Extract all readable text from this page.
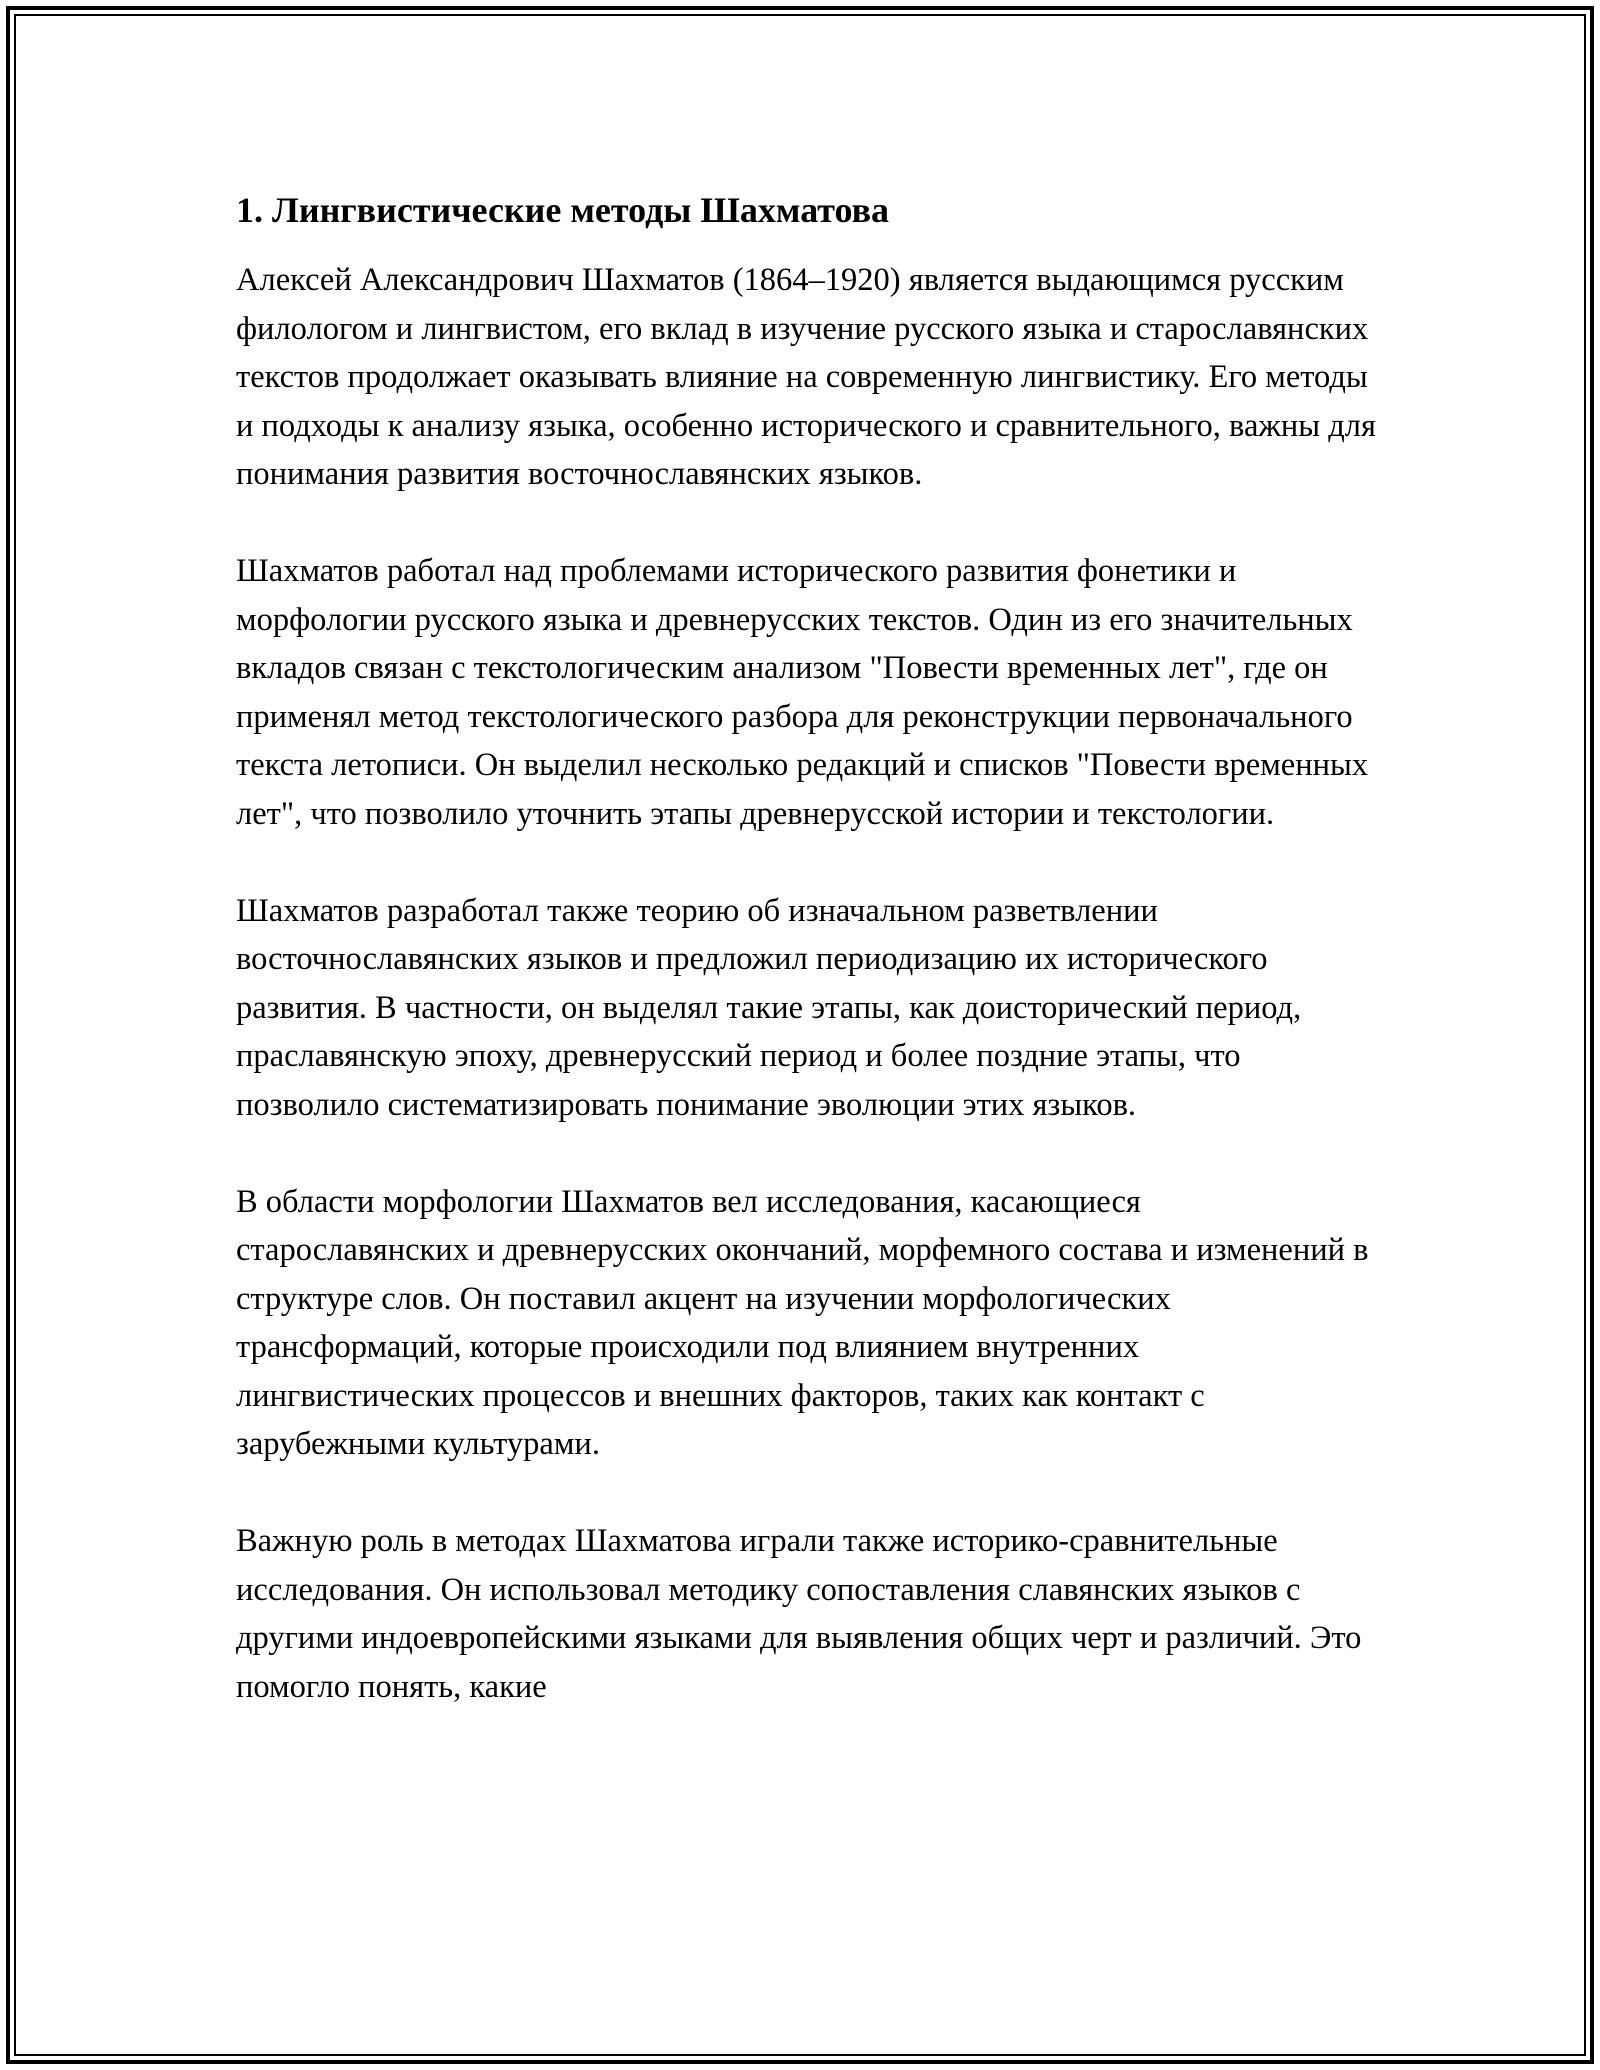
1. Лингвистические методы Шахматова

Алексей Александрович Шахматов (1864–1920) является выдающимся русским филологом и лингвистом, его вклад в изучение русского языка и старославянских текстов продолжает оказывать влияние на современную лингвистику. Его методы и подходы к анализу языка, особенно исторического и сравнительного, важны для понимания развития восточнославянских языков.

Шахматов работал над проблемами исторического развития фонетики и морфологии русского языка и древнерусских текстов. Один из его значительных вкладов связан с текстологическим анализом "Повести временных лет", где он применял метод текстологического разбора для реконструкции первоначального текста летописи. Он выделил несколько редакций и списков "Повести временных лет", что позволило уточнить этапы древнерусской истории и текстологии.

Шахматов разработал также теорию об изначальном разветвлении восточнославянских языков и предложил периодизацию их исторического развития. В частности, он выделял такие этапы, как доисторический период, праславянскую эпоху, древнерусский период и более поздние этапы, что позволило систематизировать понимание эволюции этих языков.

В области морфологии Шахматов вел исследования, касающиеся старославянских и древнерусских окончаний, морфемного состава и изменений в структуре слов. Он поставил акцент на изучении морфологических трансформаций, которые происходили под влиянием внутренних лингвистических процессов и внешних факторов, таких как контакт с зарубежными культурами.

Важную роль в методах Шахматова играли также историко-сравнительные исследования. Он использовал методику сопоставления славянских языков с другими индоевропейскими языками для выявления общих черт и различий. Это помогло понять, какие
